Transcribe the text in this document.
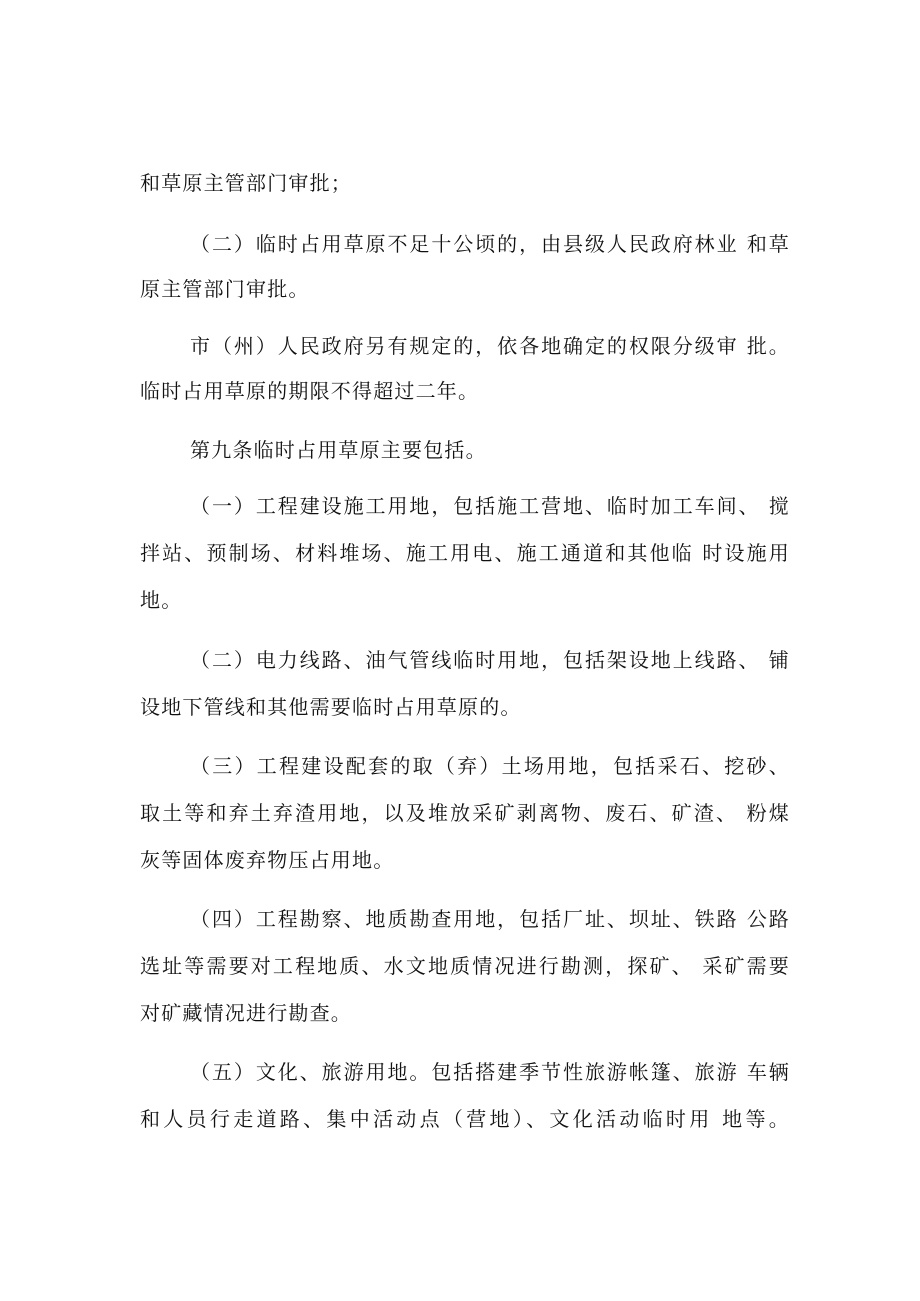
和草原主管部门审批；
（二）临时占用草原不足十公顷的，由县级人民政府林业 和草
原主管部门审批。
市（州）人民政府另有规定的，依各地确定的权限分级审 批。
临时占用草原的期限不得超过二年。
第九条临时占用草原主要包括。
（一）工程建设施工用地，包括施工营地、临时加工车间、 搅
拌站、预制场、材料堆场、施工用电、施工通道和其他临 时设施用
地。
（二）电力线路、油气管线临时用地，包括架设地上线路、 铺
设地下管线和其他需要临时占用草原的。
（三）工程建设配套的取（弃）土场用地，包括采石、挖砂、
取土等和弃土弃渣用地，以及堆放采矿剥离物、废石、矿渣、 粉煤
灰等固体废弃物压占用地。
（四）工程勘察、地质勘查用地，包括厂址、坝址、铁路 公路
选址等需要对工程地质、水文地质情况进行勘测，探矿、 采矿需要
对矿藏情况进行勘查。
（五）文化、旅游用地。包括搭建季节性旅游帐篷、旅游 车辆
和人员行走道路、集中活动点（营地）、文化活动临时用 地等。
